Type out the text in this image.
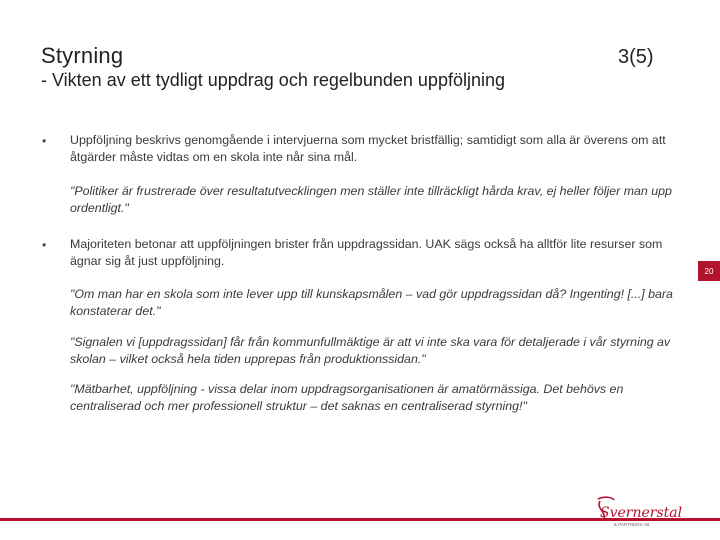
Styrning
- Vikten av ett tydligt uppdrag och regelbunden uppföljning
3(5)
• Uppföljning beskrivs genomgående i intervjuerna som mycket bristfällig; samtidigt som alla är överens om att åtgärder måste vidtas om en skola inte når sina mål.
"Politiker är frustrerade över resultatutvecklingen men ställer inte tillräckligt hårda krav, ej heller följer man upp ordentligt."
• Majoriteten betonar att uppföljningen brister från uppdragssidan. UAK sägs också ha alltför lite resurser som ägnar sig åt just uppföljning.
"Om man har en skola som inte lever upp till kunskapsmålen – vad gör uppdragssidan då? Ingenting! [...] bara konstaterar det."
"Signalen vi [uppdragssidan] får från kommunfullmäktige är att vi inte ska vara för detaljerade i vår styrning av skolan – vilket också hela tiden upprepas från produktionssidan."
"Mätbarhet, uppföljning - vissa delar inom uppdragsorganisationen är amatörmässiga. Det behövs en centraliserad och mer professionell struktur – det saknas en centraliserad styrning!"
20
Svernerstal
& PARTNERS AB
